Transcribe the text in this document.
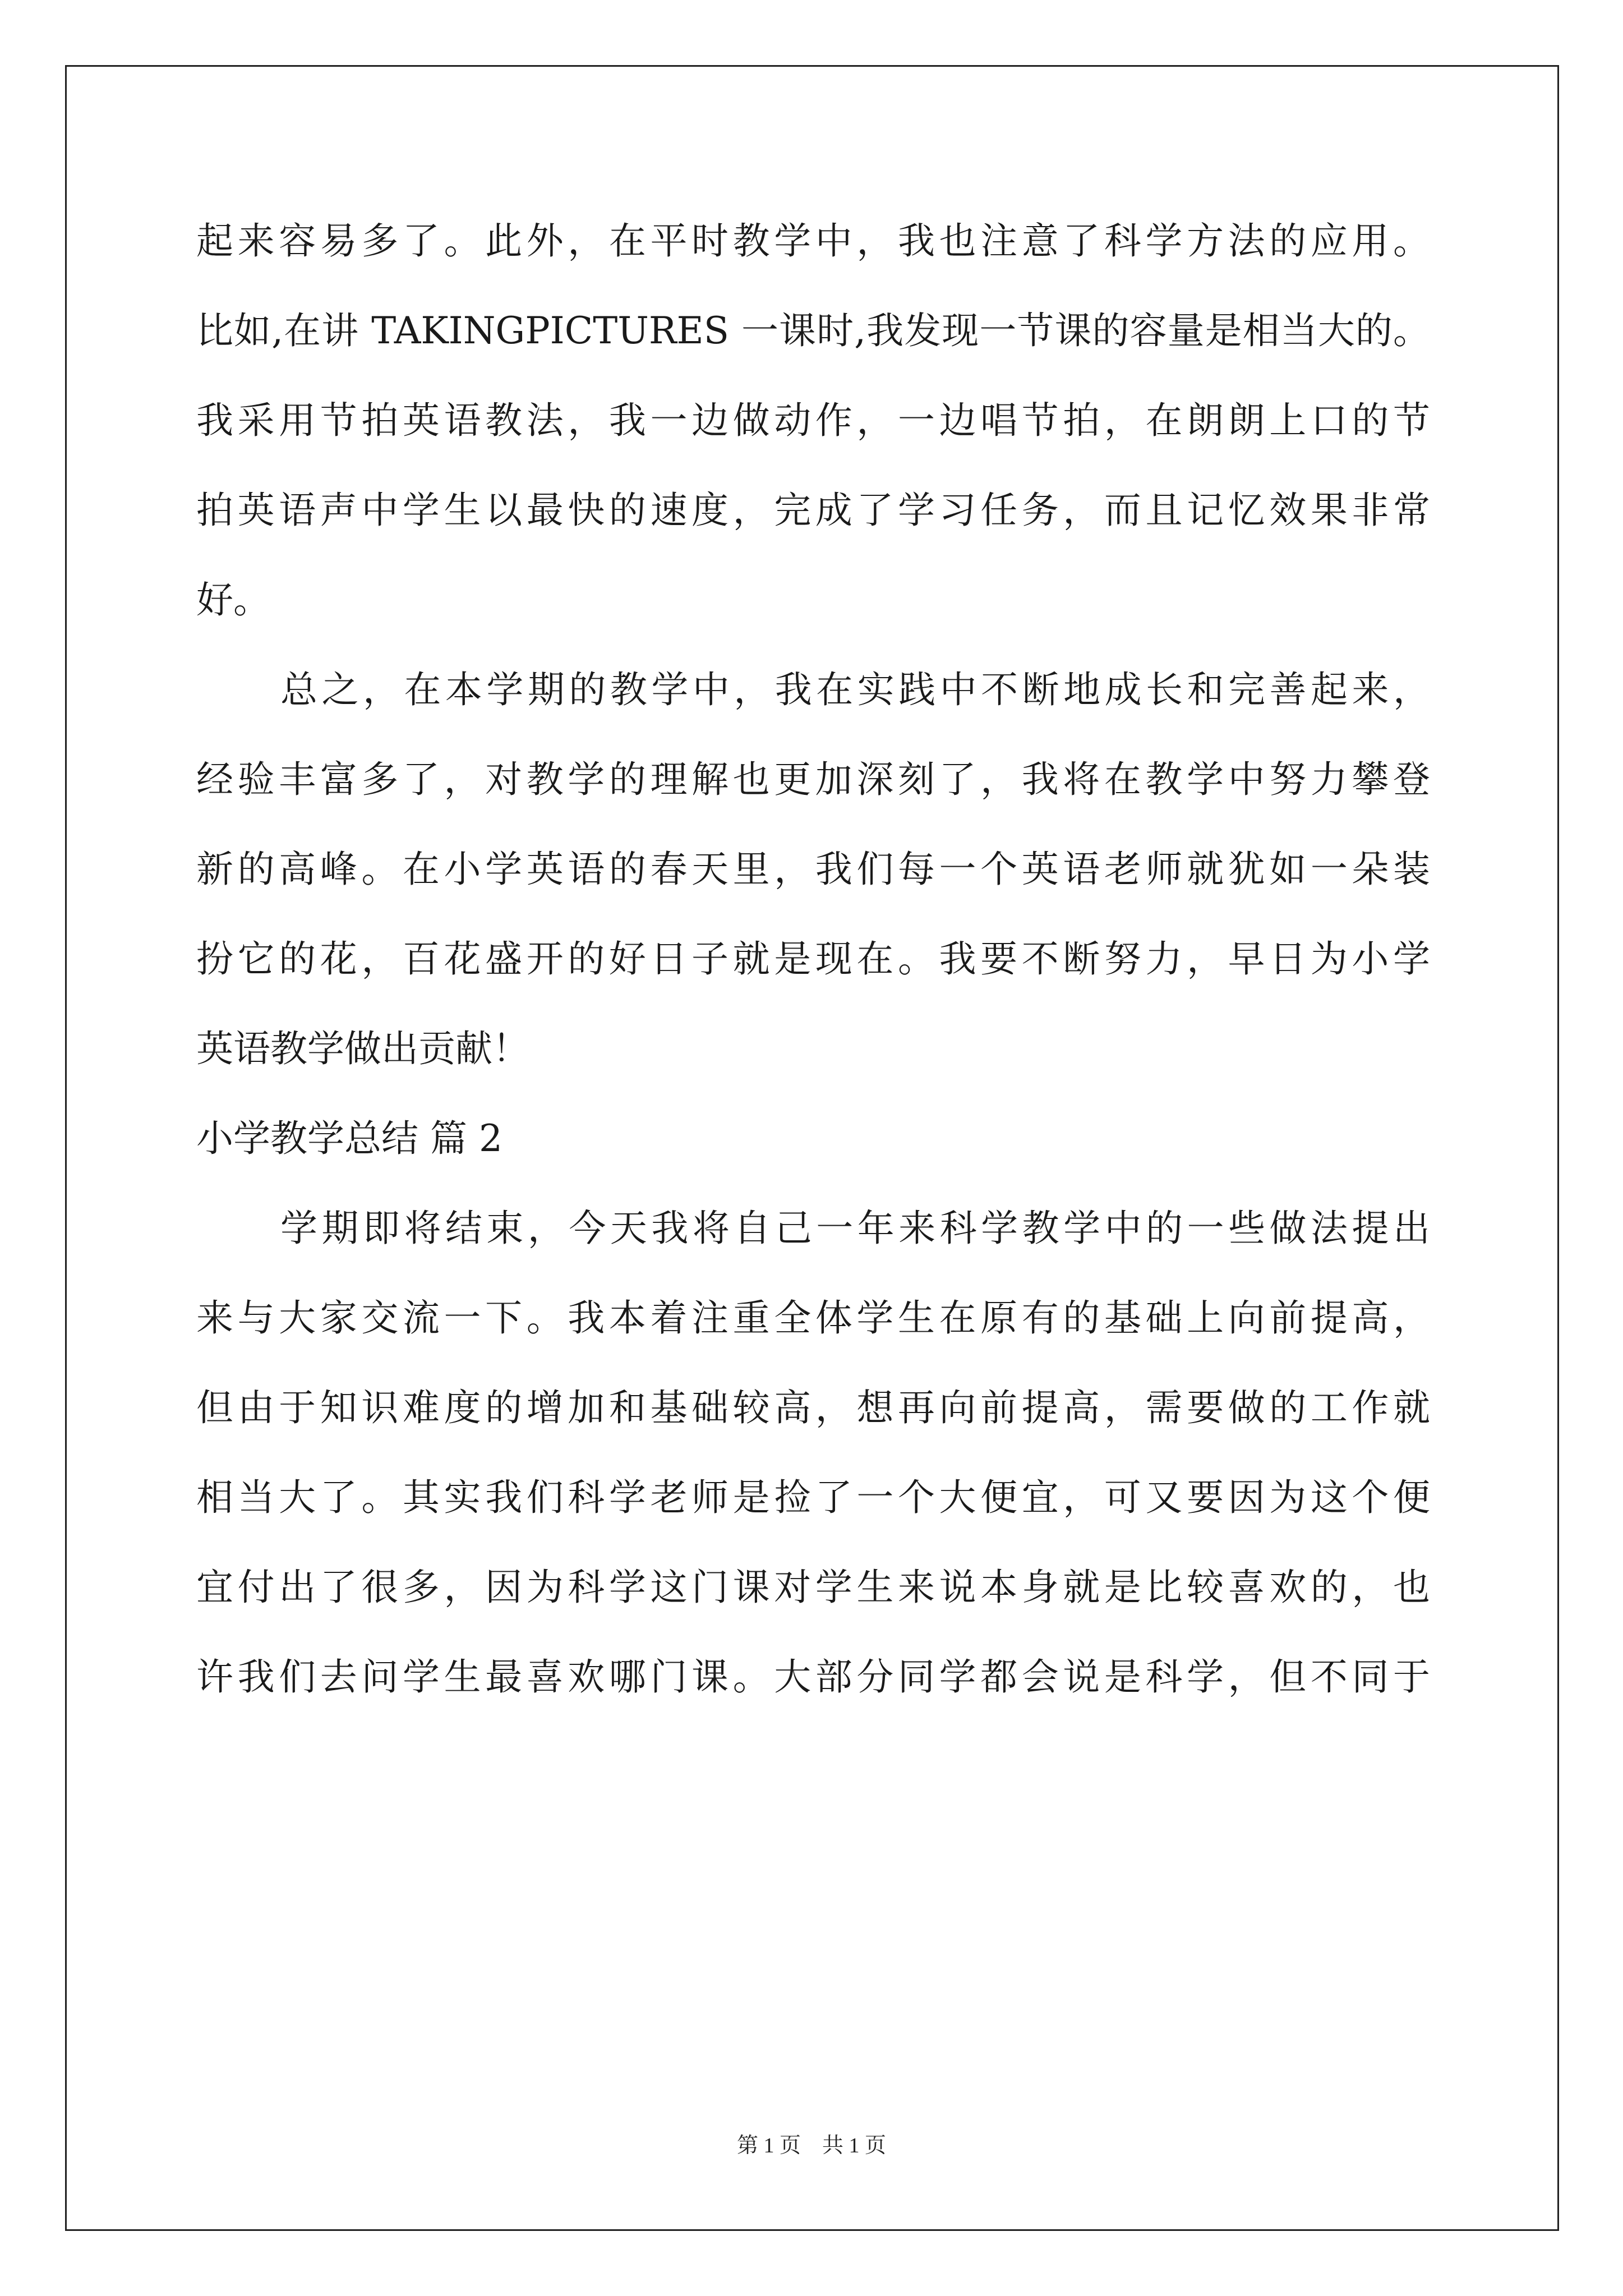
起来容易多了。此外，在平时教学中，我也注意了科学方法的应用。
比如,在讲 TAKINGPICTURES 一课时,我发现一节课的容量是相当大的。
我采用节拍英语教法，我一边做动作，一边唱节拍，在朗朗上口的节
拍英语声中学生以最快的速度，完成了学习任务，而且记忆效果非常
好。
总之，在本学期的教学中，我在实践中不断地成长和完善起来，
经验丰富多了，对教学的理解也更加深刻了，我将在教学中努力攀登
新的高峰。在小学英语的春天里，我们每一个英语老师就犹如一朵装
扮它的花，百花盛开的好日子就是现在。我要不断努力，早日为小学
英语教学做出贡献！
小学教学总结 篇 2
学期即将结束，今天我将自己一年来科学教学中的一些做法提出
来与大家交流一下。我本着注重全体学生在原有的基础上向前提高，
但由于知识难度的增加和基础较高，想再向前提高，需要做的工作就
相当大了。其实我们科学老师是捡了一个大便宜，可又要因为这个便
宜付出了很多，因为科学这门课对学生来说本身就是比较喜欢的，也
许我们去问学生最喜欢哪门课。大部分同学都会说是科学，但不同于
第 1 页　共 1 页
